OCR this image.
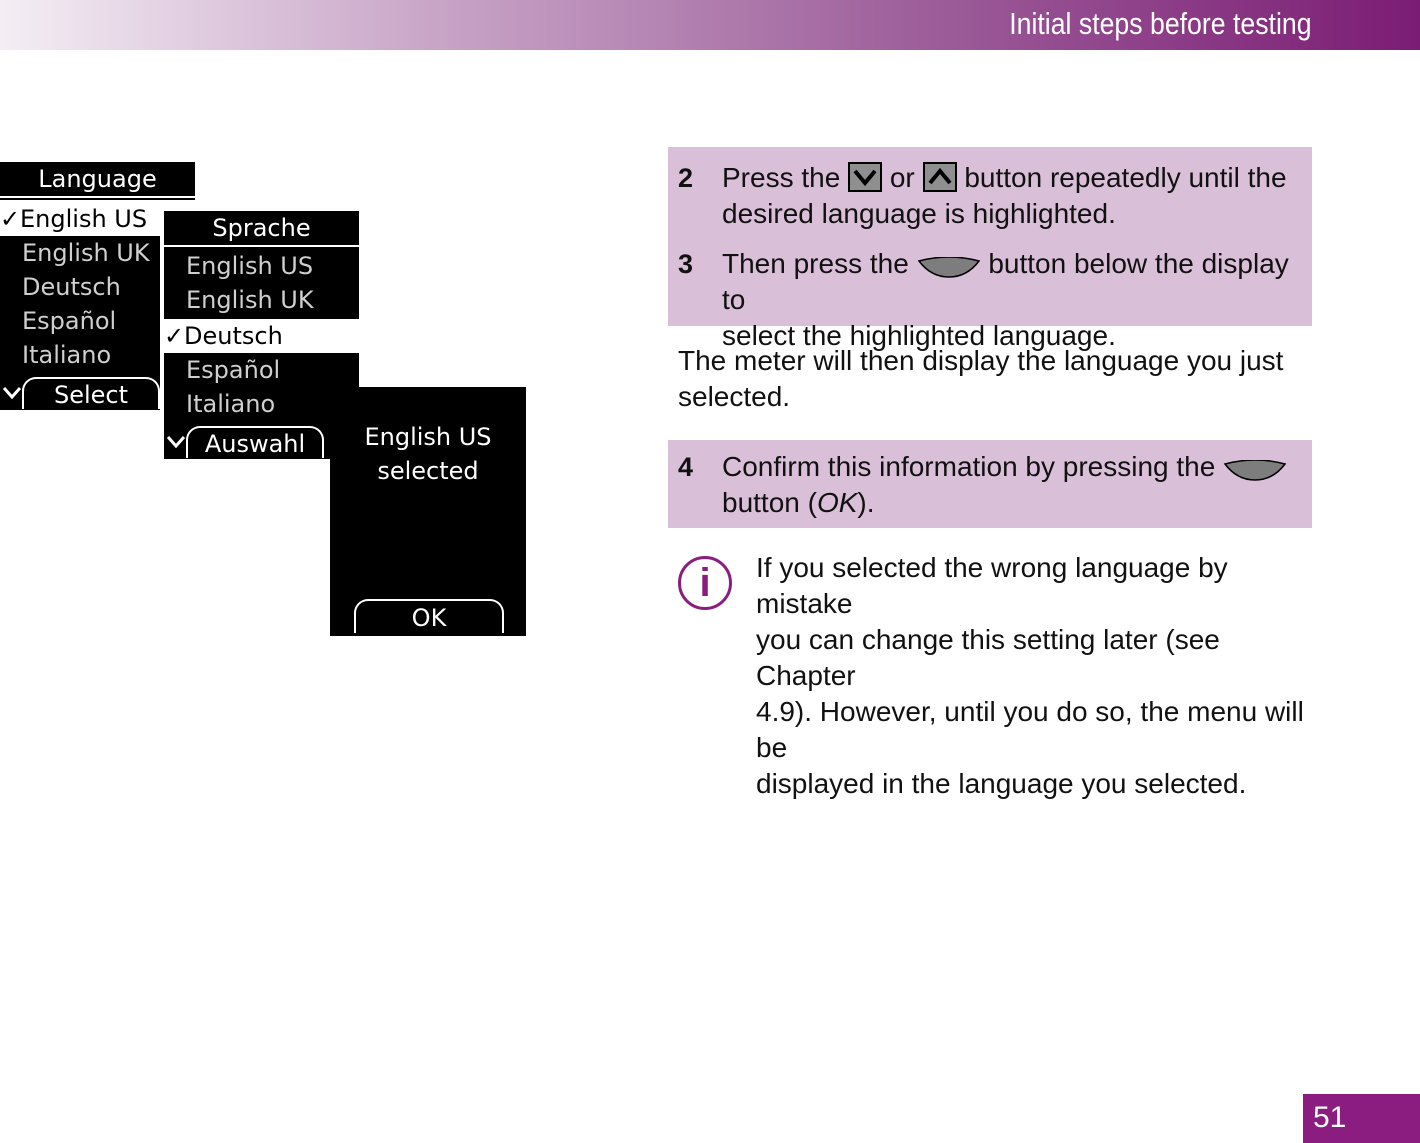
Initial steps before testing
Language
✓English US
English UK
Deutsch
Español
Italiano
Select
Sprache
English US
English UK
✓Deutsch
Español
Italiano
Auswahl	English US
selected
OK
2 Press the or button repeatedly until the
desired language is highlighted.
3 Then press the	button below the display to
select the highlighted language.
The meter will then display the language you just
selected.
4 Confirm this information by pressing the
button (OK).
i	If you selected the wrong language by mistake
you can change this setting later (see Chapter
4.9). However, until you do so, the menu will be
displayed in the language you selected.
51
